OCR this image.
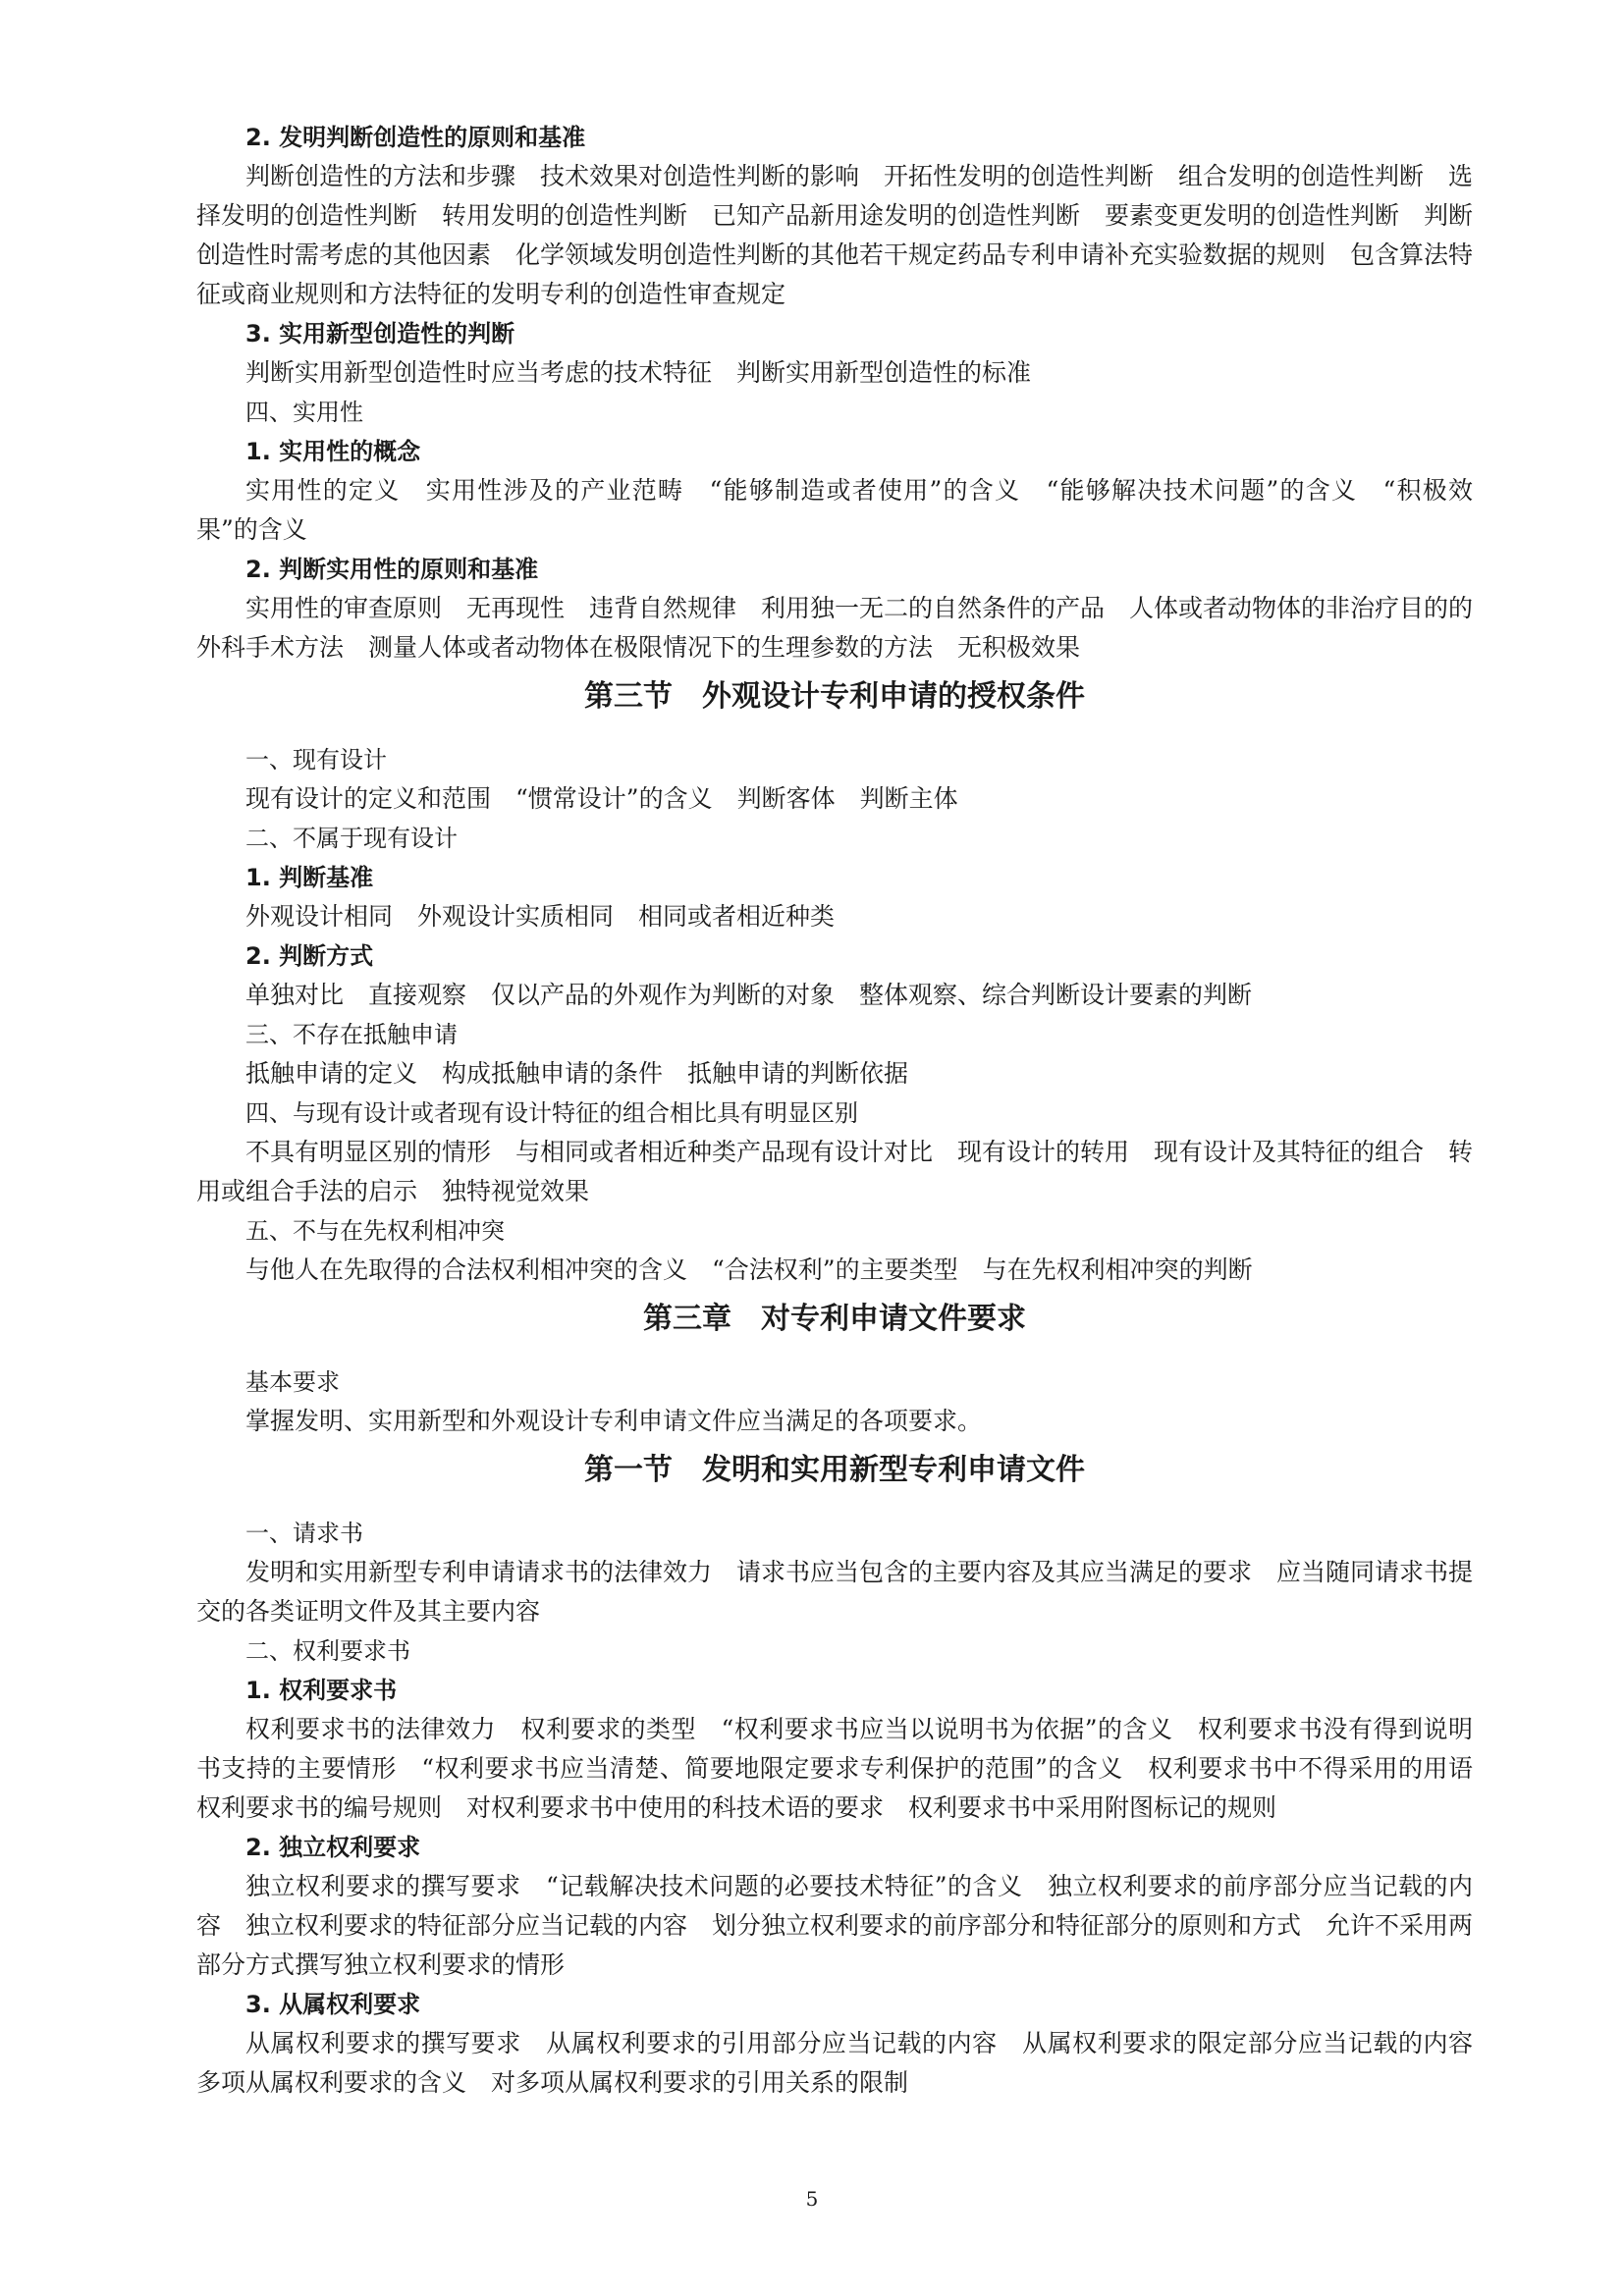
2. 发明判断创造性的原则和基准

判断创造性的方法和步骤　技术效果对创造性判断的影响　开拓性发明的创造性判断　组合发明的创造性判断　选择发明的创造性判断　转用发明的创造性判断　已知产品新用途发明的创造性判断　要素变更发明的创造性判断　判断创造性时需考虑的其他因素　化学领域发明创造性判断的其他若干规定药品专利申请补充实验数据的规则　包含算法特征或商业规则和方法特征的发明专利的创造性审查规定

3. 实用新型创造性的判断

判断实用新型创造性时应当考虑的技术特征　判断实用新型创造性的标准

四、实用性
1. 实用性的概念

实用性的定义　实用性涉及的产业范畴　“能够制造或者使用”的含义　“能够解决技术问题”的含义　“积极效果”的含义

2. 判断实用性的原则和基准

实用性的审查原则　无再现性　违背自然规律　利用独一无二的自然条件的产品　人体或者动物体的非治疗目的的外科手术方法　测量人体或者动物体在极限情况下的生理参数的方法　无积极效果

第三节　外观设计专利申请的授权条件
一、现有设计

现有设计的定义和范围　“惯常设计”的含义　判断客体　判断主体

二、不属于现有设计
1. 判断基准

外观设计相同　外观设计实质相同　相同或者相近种类

2. 判断方式

单独对比　直接观察　仅以产品的外观作为判断的对象　整体观察、综合判断设计要素的判断

三、不存在抵触申请

抵触申请的定义　构成抵触申请的条件　抵触申请的判断依据

四、与现有设计或者现有设计特征的组合相比具有明显区别

不具有明显区别的情形　与相同或者相近种类产品现有设计对比　现有设计的转用　现有设计及其特征的组合　转用或组合手法的启示　独特视觉效果

五、不与在先权利相冲突

与他人在先取得的合法权利相冲突的含义　“合法权利”的主要类型　与在先权利相冲突的判断

第三章　对专利申请文件要求
基本要求

掌握发明、实用新型和外观设计专利申请文件应当满足的各项要求。

第一节　发明和实用新型专利申请文件
一、请求书

发明和实用新型专利申请请求书的法律效力　请求书应当包含的主要内容及其应当满足的要求　应当随同请求书提交的各类证明文件及其主要内容

二、权利要求书
1. 权利要求书

权利要求书的法律效力　权利要求的类型　“权利要求书应当以说明书为依据”的含义　权利要求书没有得到说明书支持的主要情形　“权利要求书应当清楚、简要地限定要求专利保护的范围”的含义　权利要求书中不得采用的用语　权利要求书的编号规则　对权利要求书中使用的科技术语的要求　权利要求书中采用附图标记的规则

2. 独立权利要求

独立权利要求的撰写要求　“记载解决技术问题的必要技术特征”的含义　独立权利要求的前序部分应当记载的内容　独立权利要求的特征部分应当记载的内容　划分独立权利要求的前序部分和特征部分的原则和方式　允许不采用两部分方式撰写独立权利要求的情形

3. 从属权利要求

从属权利要求的撰写要求　从属权利要求的引用部分应当记载的内容　从属权利要求的限定部分应当记载的内容　多项从属权利要求的含义　对多项从属权利要求的引用关系的限制

5
